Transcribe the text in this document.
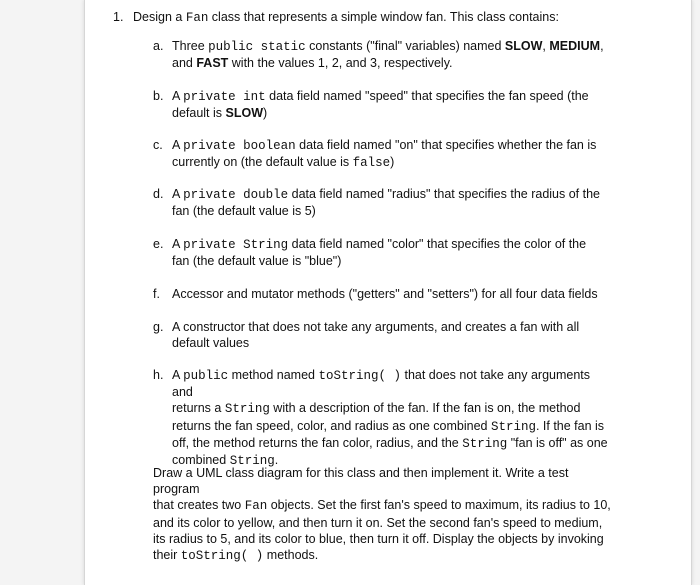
1. Design a Fan class that represents a simple window fan. This class contains:
a. Three public static constants ("final" variables) named SLOW, MEDIUM,
and FAST with the values 1, 2, and 3, respectively.
b. A private int data field named "speed" that specifies the fan speed (the
default is SLOW)
c. A private boolean data field named "on" that specifies whether the fan is
currently on (the default value is false)
d. A private double data field named "radius" that specifies the radius of the
fan (the default value is 5)
e. A private String data field named "color" that specifies the color of the
fan (the default value is "blue")
f. Accessor and mutator methods ("getters" and "setters") for all four data fields
g. A constructor that does not take any arguments, and creates a fan with all
default values
h. A public method named toString( ) that does not take any arguments and
returns a String with a description of the fan. If the fan is on, the method
returns the fan speed, color, and radius as one combined String. If the fan is
off, the method returns the fan color, radius, and the String "fan is off" as one
combined String.
Draw a UML class diagram for this class and then implement it. Write a test program
that creates two Fan objects. Set the first fan's speed to maximum, its radius to 10,
and its color to yellow, and then turn it on. Set the second fan's speed to medium,
its radius to 5, and its color to blue, then turn it off. Display the objects by invoking
their toString( ) methods.
